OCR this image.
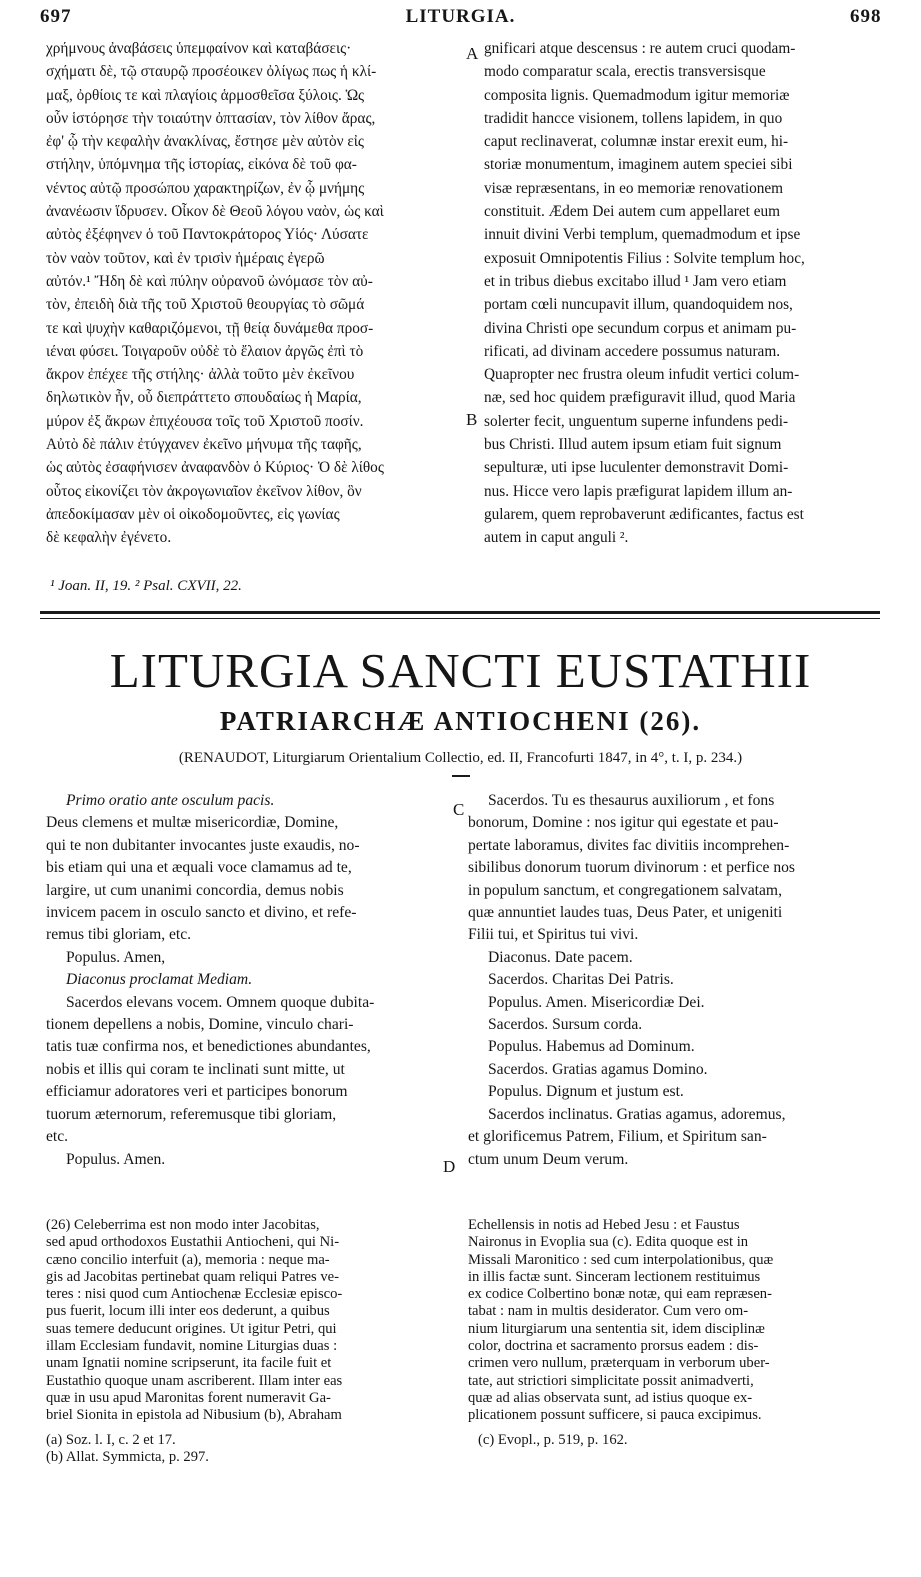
697	LITURGIA.	698
χρήμνους ἀναβάσεις ὑπεμφαίνον καὶ καταβάσεις·
σχήματι δὲ, τῷ σταυρῷ προσέοικεν ὀλίγως πως ἡ κλί-
μαξ, ὀρθίοις τε καὶ πλαγίοις ἁρμοσθεῖσα ξύλοις. Ὡς
οὖν ἱστόρησε τὴν τοιαύτην ὀπτασίαν, τὸν λίθον ἄρας,
ἐφ' ᾧ τὴν κεφαλὴν ἀνακλίνας, ἔστησε μὲν αὐτὸν εἰς
στήλην, ὑπόμνημα τῆς ἱστορίας, εἰκόνα δὲ τοῦ φα-
νέντος αὐτῷ προσώπου χαρακτηρίζων, ἐν ᾧ μνήμης
ἀνανέωσιν ἵδρυσεν. Οἶκον δὲ Θεοῦ λόγου ναὸν, ὡς καὶ
αὐτὸς ἐξέφηνεν ὁ τοῦ Παντοκράτορος Υἱός· Λύσατε
τὸν ναὸν τοῦτον, καὶ ἐν τρισὶν ἡμέραις ἐγερῶ
αὐτόν.¹ Ἤδη δὲ καὶ πύλην οὐρανοῦ ὠνόμασε τὸν αὐ-
τὸν, ἐπειδὴ διὰ τῆς τοῦ Χριστοῦ θεουργίας τὸ σῶμά
τε καὶ ψυχὴν καθαριζόμενοι, τῇ θείᾳ δυνάμεθα προσ-
ιέναι φύσει. Τοιγαροῦν οὐδὲ τὸ ἔλαιον ἀργῶς ἐπὶ τὸ
ἄκρον ἐπέχεε τῆς στήλης· ἀλλὰ τοῦτο μὲν ἐκεῖνου
δηλωτικὸν ἦν, οὗ διεπράττετο σπουδαίως ἡ Μαρία,
μύρον ἐξ ἄκρων ἐπιχέουσα τοῖς τοῦ Χριστοῦ ποσίν.
Αὐτὸ δὲ πάλιν ἐτύγχανεν ἐκεῖνο μήνυμα τῆς ταφῆς,
ὡς αὐτὸς ἐσαφήνισεν ἀναφανδὸν ὁ Κύριος· Ὁ δὲ λίθος
οὗτος εἰκονίζει τὸν ἀκρογωνιαῖον ἐκεῖνον λίθον, ὃν
ἀπεδοκίμασαν μὲν οἱ οἰκοδομοῦντες, εἰς γωνίας
δὲ κεφαλὴν ἐγένετο.
¹ Joan. II, 19. ² Psal. CXVII, 22.
gnificari atque descensus : re autem cruci quodam-
modo comparatur scala, erectis transversisque
composita lignis. Quemadmodum igitur memoriæ
tradidit hancce visionem, tollens lapidem, in quo
caput reclinaverat, columnæ instar erexit eum, hi-
storiæ monumentum, imaginem autem speciei sibi
visæ repræsentans, in eo memoriæ renovationem
constituit. Ædem Dei autem cum appellaret eum
innuit divini Verbi templum, quemadmodum et ipse
exposuit Omnipotentis Filius : Solvite templum hoc,
et in tribus diebus excitabo illud ¹ Jam vero etiam
portam cœli nuncupavit illum, quandoquidem nos,
divina Christi ope secundum corpus et animam pu-
rificati, ad divinam accedere possumus naturam.
Quapropter nec frustra oleum infudit vertici colum-
næ, sed hoc quidem præfiguravit illud, quod Maria
solerter fecit, unguentum superne infundens pedi-
bus Christi. Illud autem ipsum etiam fuit signum
sepulturæ, uti ipse luculenter demonstravit Domi-
nus. Hicce vero lapis præfigurat lapidem illum an-
gularem, quem reprobaverunt ædificantes, factus est
autem in caput anguli ².
A
B
C
D
LITURGIA SANCTI EUSTATHII
PATRIARCHÆ ANTIOCHENI (26).
(RENAUDOT, Liturgiarum Orientalium Collectio, ed. II, Francofurti 1847, in 4°, t. I, p. 234.)
Primo oratio ante osculum pacis.
Deus clemens et multæ misericordiæ, Domine,
qui te non dubitanter invocantes juste exaudis, no-
bis etiam qui una et æquali voce clamamus ad te,
largire, ut cum unanimi concordia, demus nobis
invicem pacem in osculo sancto et divino, et refe-
remus tibi gloriam, etc.
Populus. Amen,
Diaconus proclamat Mediam.
Sacerdos elevans vocem. Omnem quoque dubita-
tionem depellens a nobis, Domine, vinculo chari-
tatis tuæ confirma nos, et benedictiones abundantes,
nobis et illis qui coram te inclinati sunt mitte, ut
efficiamur adoratores veri et participes bonorum
tuorum æternorum, referemusque tibi gloriam,
etc.
Populus. Amen.
Sacerdos. Tu es thesaurus auxiliorum , et fons
bonorum, Domine : nos igitur qui egestate et pau-
pertate laboramus, divites fac divitiis incomprehen-
sibilibus donorum tuorum divinorum : et perfice nos
in populum sanctum, et congregationem salvatam,
quæ annuntiet laudes tuas, Deus Pater, et unigeniti
Filii tui, et Spiritus tui vivi.
Diaconus. Date pacem.
Sacerdos. Charitas Dei Patris.
Populus. Amen. Misericordiæ Dei.
Sacerdos. Sursum corda.
Populus. Habemus ad Dominum.
Sacerdos. Gratias agamus Domino.
Populus. Dignum et justum est.
Sacerdos inclinatus. Gratias agamus, adoremus,
et glorificemus Patrem, Filium, et Spiritum san-
ctum unum Deum verum.
(26) Celeberrima est non modo inter Jacobitas,
sed apud orthodoxos Eustathii Antiocheni, qui Ni-
cæno concilio interfuit (a), memoria : neque ma-
gis ad Jacobitas pertinebat quam reliqui Patres ve-
teres : nisi quod cum Antiochenæ Ecclesiæ episco-
pus fuerit, locum illi inter eos dederunt, a quibus
suas temere deducunt origines. Ut igitur Petri, qui
illam Ecclesiam fundavit, nomine Liturgias duas :
unam Ignatii nomine scripserunt, ita facile fuit et
Eustathio quoque unam ascriberent. Illam inter eas
quæ in usu apud Maronitas forent numeravit Ga-
briel Sionita in epistola ad Nibusium (b), Abraham
(a) Soz. l. I, c. 2 et 17.
(b) Allat. Symmicta, p. 297.
Echellensis in notis ad Hebed Jesu : et Faustus
Naironus in Evoplia sua (c). Edita quoque est in
Missali Maronitico : sed cum interpolationibus, quæ
in illis factæ sunt. Sinceram lectionem restituimus
ex codice Colbertino bonæ notæ, qui eam repræsen-
tabat : nam in multis desiderator. Cum vero om-
nium liturgiarum una sententia sit, idem disciplinæ
color, doctrina et sacramento prorsus eadem : dis-
crimen vero nullum, præterquam in verborum uber-
tate, aut strictiori simplicitate possit animadverti,
quæ ad alias observata sunt, ad istius quoque ex-
plicationem possunt sufficere, si pauca excipimus.
(c) Evopl., p. 519, p. 162.
